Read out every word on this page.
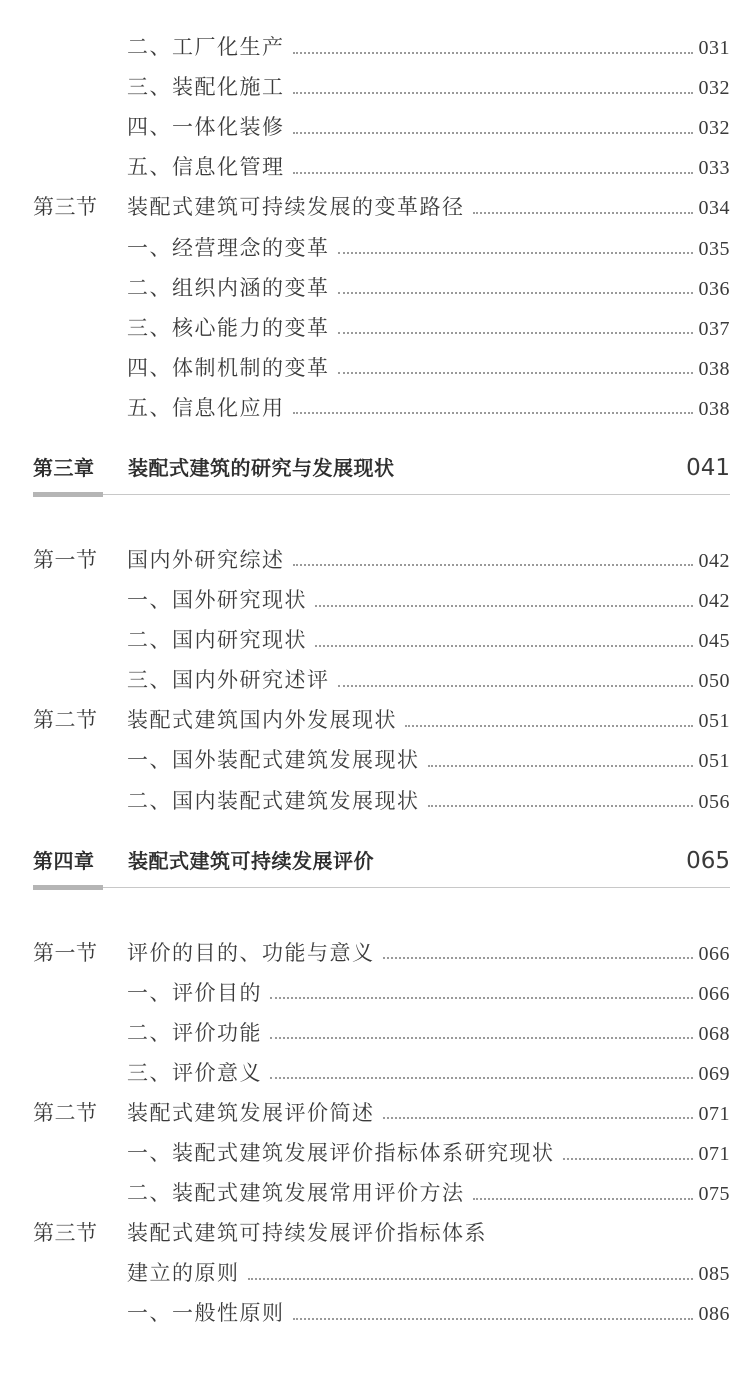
二、工厂化生产	031
三、装配化施工	032
四、一体化装修	032
五、信息化管理	033
第三节 装配式建筑可持续发展的变革路径	034
一、经营理念的变革	035
二、组织内涵的变革	036
三、核心能力的变革	037
四、体制机制的变革	038
五、信息化应用	038
第三章 装配式建筑的研究与发展现状	041
第一节 国内外研究综述	042
一、国外研究现状	042
二、国内研究现状	045
三、国内外研究述评	050
第二节 装配式建筑国内外发展现状	051
一、国外装配式建筑发展现状	051
二、国内装配式建筑发展现状	056
第四章 装配式建筑可持续发展评价	065
第一节 评价的目的、功能与意义	066
一、评价目的	066
二、评价功能	068
三、评价意义	069
第二节 装配式建筑发展评价简述	071
一、装配式建筑发展评价指标体系研究现状	071
二、装配式建筑发展常用评价方法	075
第三节 装配式建筑可持续发展评价指标体系
建立的原则	085
一、一般性原则	086
